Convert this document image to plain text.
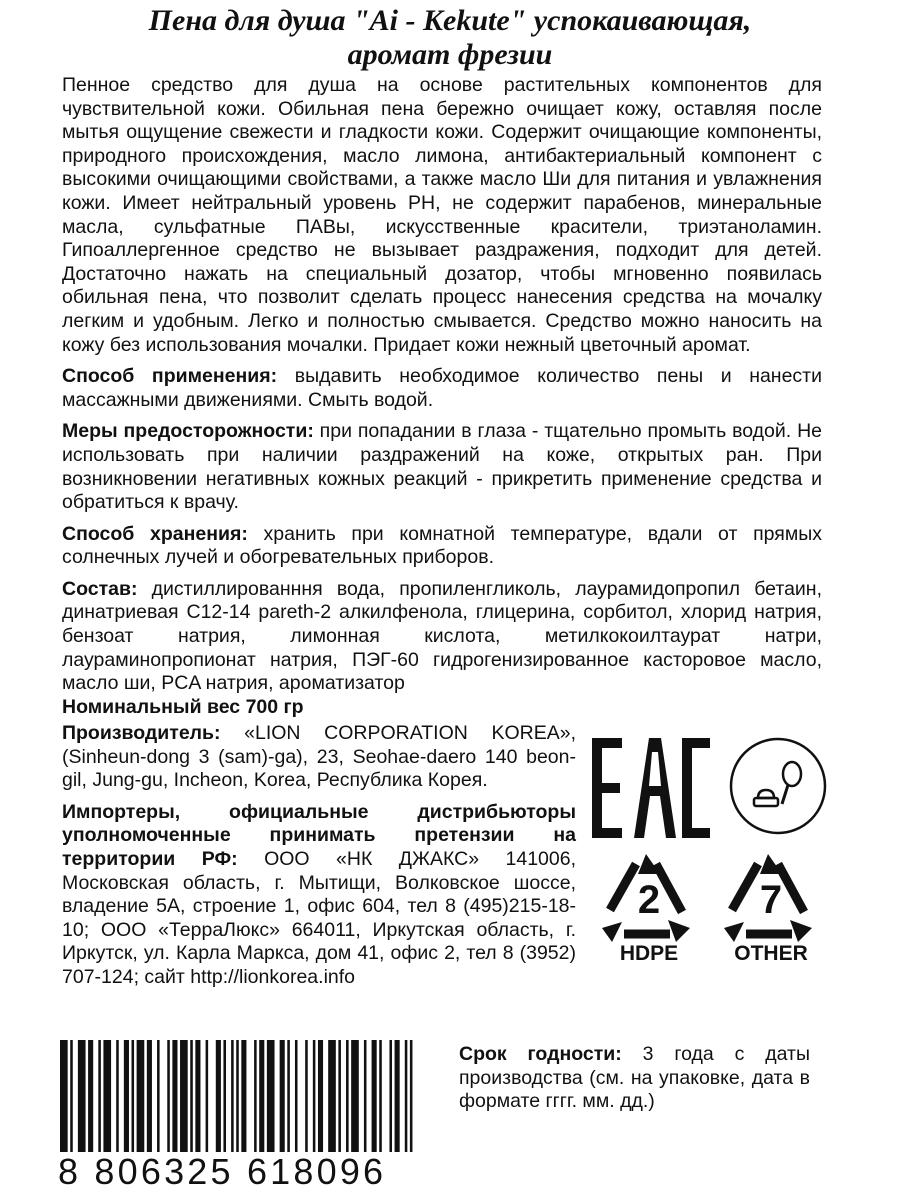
Пена для душа "Ai - Kekute" успокаивающая,
аромат фрезии

Пенное средство для душа на основе растительных компонентов для чувствительной кожи. Обильная пена бережно очищает кожу, оставляя после мытья ощущение свежести и гладкости кожи. Содержит очищающие компоненты, природного происхождения, масло лимона, антибактериальный компонент с высокими очищающими свойствами, а также масло Ши для питания и увлажнения кожи. Имеет нейтральный уровень PH, не содержит парабенов, минеральные масла, сульфатные ПАВы, искусственные красители, триэтаноламин. Гипоаллергенное средство не вызывает раздражения, подходит для детей. Достаточно нажать на специальный дозатор, чтобы мгновенно появилась обильная пена, что позволит сделать процесс нанесения средства на мочалку легким и удобным. Легко и полностью смывается. Средство можно наносить на кожу без использования мочалки. Придает кожи нежный цветочный аромат.

Способ применения: выдавить необходимое количество пены и нанести массажными движениями. Смыть водой.

Меры предосторожности: при попадании в глаза - тщательно промыть водой. Не использовать при наличии раздражений на коже, открытых ран. При возникновении негативных кожных реакций - прикретить применение средства и обратиться к врачу.

Способ хранения: хранить при комнатной температуре, вдали от прямых солнечных лучей и обогревательных приборов.

Состав: дистиллированння вода, пропиленгликоль, лаурамидопропил бетаин, динатриевая С12-14 pareth-2 алкилфенола, глицерина, сорбитол, хлорид натрия, бензоат натрия, лимонная кислота, метилкокоилтаурат натри, лаураминопропионат натрия, ПЭГ-60 гидрогенизированное касторовое масло, масло ши, PCA натрия, ароматизатор

Номинальный вес 700 гр

Производитель: «LION CORPORATION KOREA», (Sinheun-dong 3 (sam)-ga), 23, Seohae-daero 140 beon-gil, Jung-gu, Incheon, Korea, Республика Корея.

Импортеры, официальные дистрибьюторы уполномоченные принимать претензии на территории РФ: ООО «НК ДЖАКС» 141006, Московская область, г. Мытищи, Волковское шоссе, владение 5А, строение 1, офис 604, тел 8 (495)215-18-10; ООО «ТерраЛюкс» 664011, Иркутская область, г. Иркутск, ул. Карла Маркса, дом 41, офис 2, тел 8 (3952) 707-124; сайт http://lionkorea.info

2
HDPE
7
OTHER
8 806325 618096
Срок годности: 3 года с даты производства (см. на упаковке, дата в формате гггг. мм. дд.)
